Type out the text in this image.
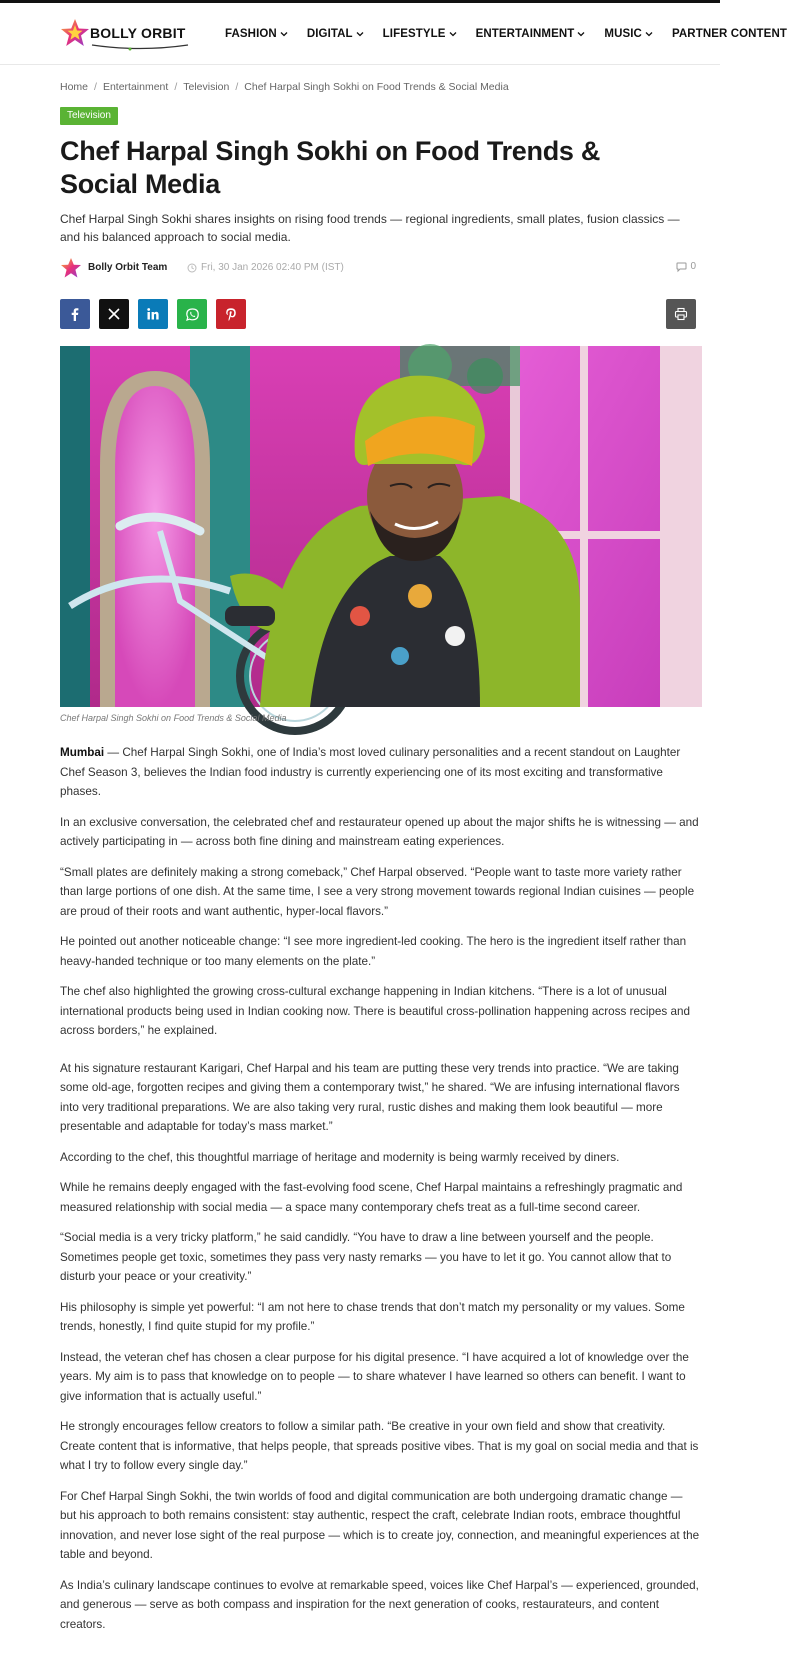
BOLLY ORBIT	FASHION	DIGITAL	LIFESTYLE	ENTERTAINMENT	MUSIC	PARTNER CONTENT
Home / Entertainment / Television / Chef Harpal Singh Sokhi on Food Trends & Social Media
Television
Chef Harpal Singh Sokhi on Food Trends & Social Media

Chef Harpal Singh Sokhi shares insights on rising food trends — regional ingredients, small plates, fusion classics — and his balanced approach to social media.

Bolly Orbit Team	Fri, 30 Jan 2026 02:40 PM (IST)	0
Chef Harpal Singh Sokhi on Food Trends & Social Media

Mumbai — Chef Harpal Singh Sokhi, one of India’s most loved culinary personalities and a recent standout on Laughter Chef Season 3, believes the Indian food industry is currently experiencing one of its most exciting and transformative phases.

In an exclusive conversation, the celebrated chef and restaurateur opened up about the major shifts he is witnessing — and actively participating in — across both fine dining and mainstream eating experiences.

“Small plates are definitely making a strong comeback,” Chef Harpal observed. “People want to taste more variety rather than large portions of one dish. At the same time, I see a very strong movement towards regional Indian cuisines — people are proud of their roots and want authentic, hyper-local flavors.”

He pointed out another noticeable change: “I see more ingredient-led cooking. The hero is the ingredient itself rather than heavy-handed technique or too many elements on the plate.”

The chef also highlighted the growing cross-cultural exchange happening in Indian kitchens. “There is a lot of unusual international products being used in Indian cooking now. There is beautiful cross-pollination happening across recipes and across borders,” he explained.

At his signature restaurant Karigari, Chef Harpal and his team are putting these very trends into practice. “We are taking some old-age, forgotten recipes and giving them a contemporary twist,” he shared. “We are infusing international flavors into very traditional preparations. We are also taking very rural, rustic dishes and making them look beautiful — more presentable and adaptable for today’s mass market.”

According to the chef, this thoughtful marriage of heritage and modernity is being warmly received by diners.

While he remains deeply engaged with the fast-evolving food scene, Chef Harpal maintains a refreshingly pragmatic and measured relationship with social media — a space many contemporary chefs treat as a full-time second career.

“Social media is a very tricky platform,” he said candidly. “You have to draw a line between yourself and the people. Sometimes people get toxic, sometimes they pass very nasty remarks — you have to let it go. You cannot allow that to disturb your peace or your creativity.”

His philosophy is simple yet powerful: “I am not here to chase trends that don’t match my personality or my values. Some trends, honestly, I find quite stupid for my profile.”

Instead, the veteran chef has chosen a clear purpose for his digital presence. “I have acquired a lot of knowledge over the years. My aim is to pass that knowledge on to people — to share whatever I have learned so others can benefit. I want to give information that is actually useful.”

He strongly encourages fellow creators to follow a similar path. “Be creative in your own field and show that creativity. Create content that is informative, that helps people, that spreads positive vibes. That is my goal on social media and that is what I try to follow every single day.”

For Chef Harpal Singh Sokhi, the twin worlds of food and digital communication are both undergoing dramatic change — but his approach to both remains consistent: stay authentic, respect the craft, celebrate Indian roots, embrace thoughtful innovation, and never lose sight of the real purpose — which is to create joy, connection, and meaningful experiences at the table and beyond.

As India’s culinary landscape continues to evolve at remarkable speed, voices like Chef Harpal’s — experienced, grounded, and generous — serve as both compass and inspiration for the next generation of cooks, restaurateurs, and content creators.
